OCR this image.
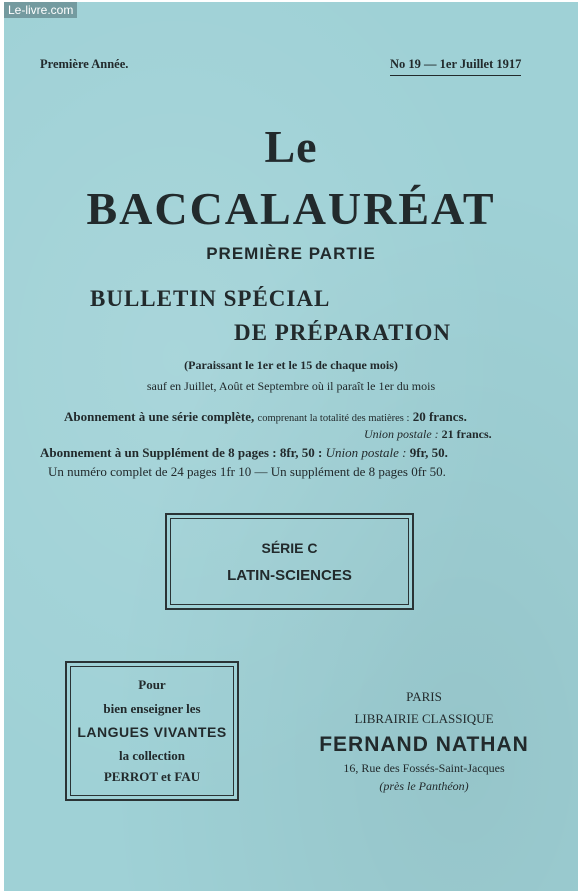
Première Année.	No 19 — 1er Juillet 1917
Le
BACCALAURÉAT
PREMIÈRE PARTIE
BULLETIN SPÉCIAL
DE PRÉPARATION
(Paraissant le 1er et le 15 de chaque mois)
sauf en Juillet, Août et Septembre où il paraît le 1er du mois
Abonnement à une série complète, comprenant la totalité des matières : 20 francs.
Union postale : 21 francs.
Abonnement à un Supplément de 8 pages : 8fr, 50 : Union postale : 9fr, 50.
Un numéro complet de 24 pages 1fr 10 — Un supplément de 8 pages 0fr 50.
SÉRIE C
LATIN-SCIENCES
Pour
bien enseigner les
LANGUES VIVANTES
la collection
PERROT et FAU
PARIS
LIBRAIRIE CLASSIQUE
FERNAND NATHAN
16, Rue des Fossés-Saint-Jacques
(près le Panthéon)
Le-livre.com
